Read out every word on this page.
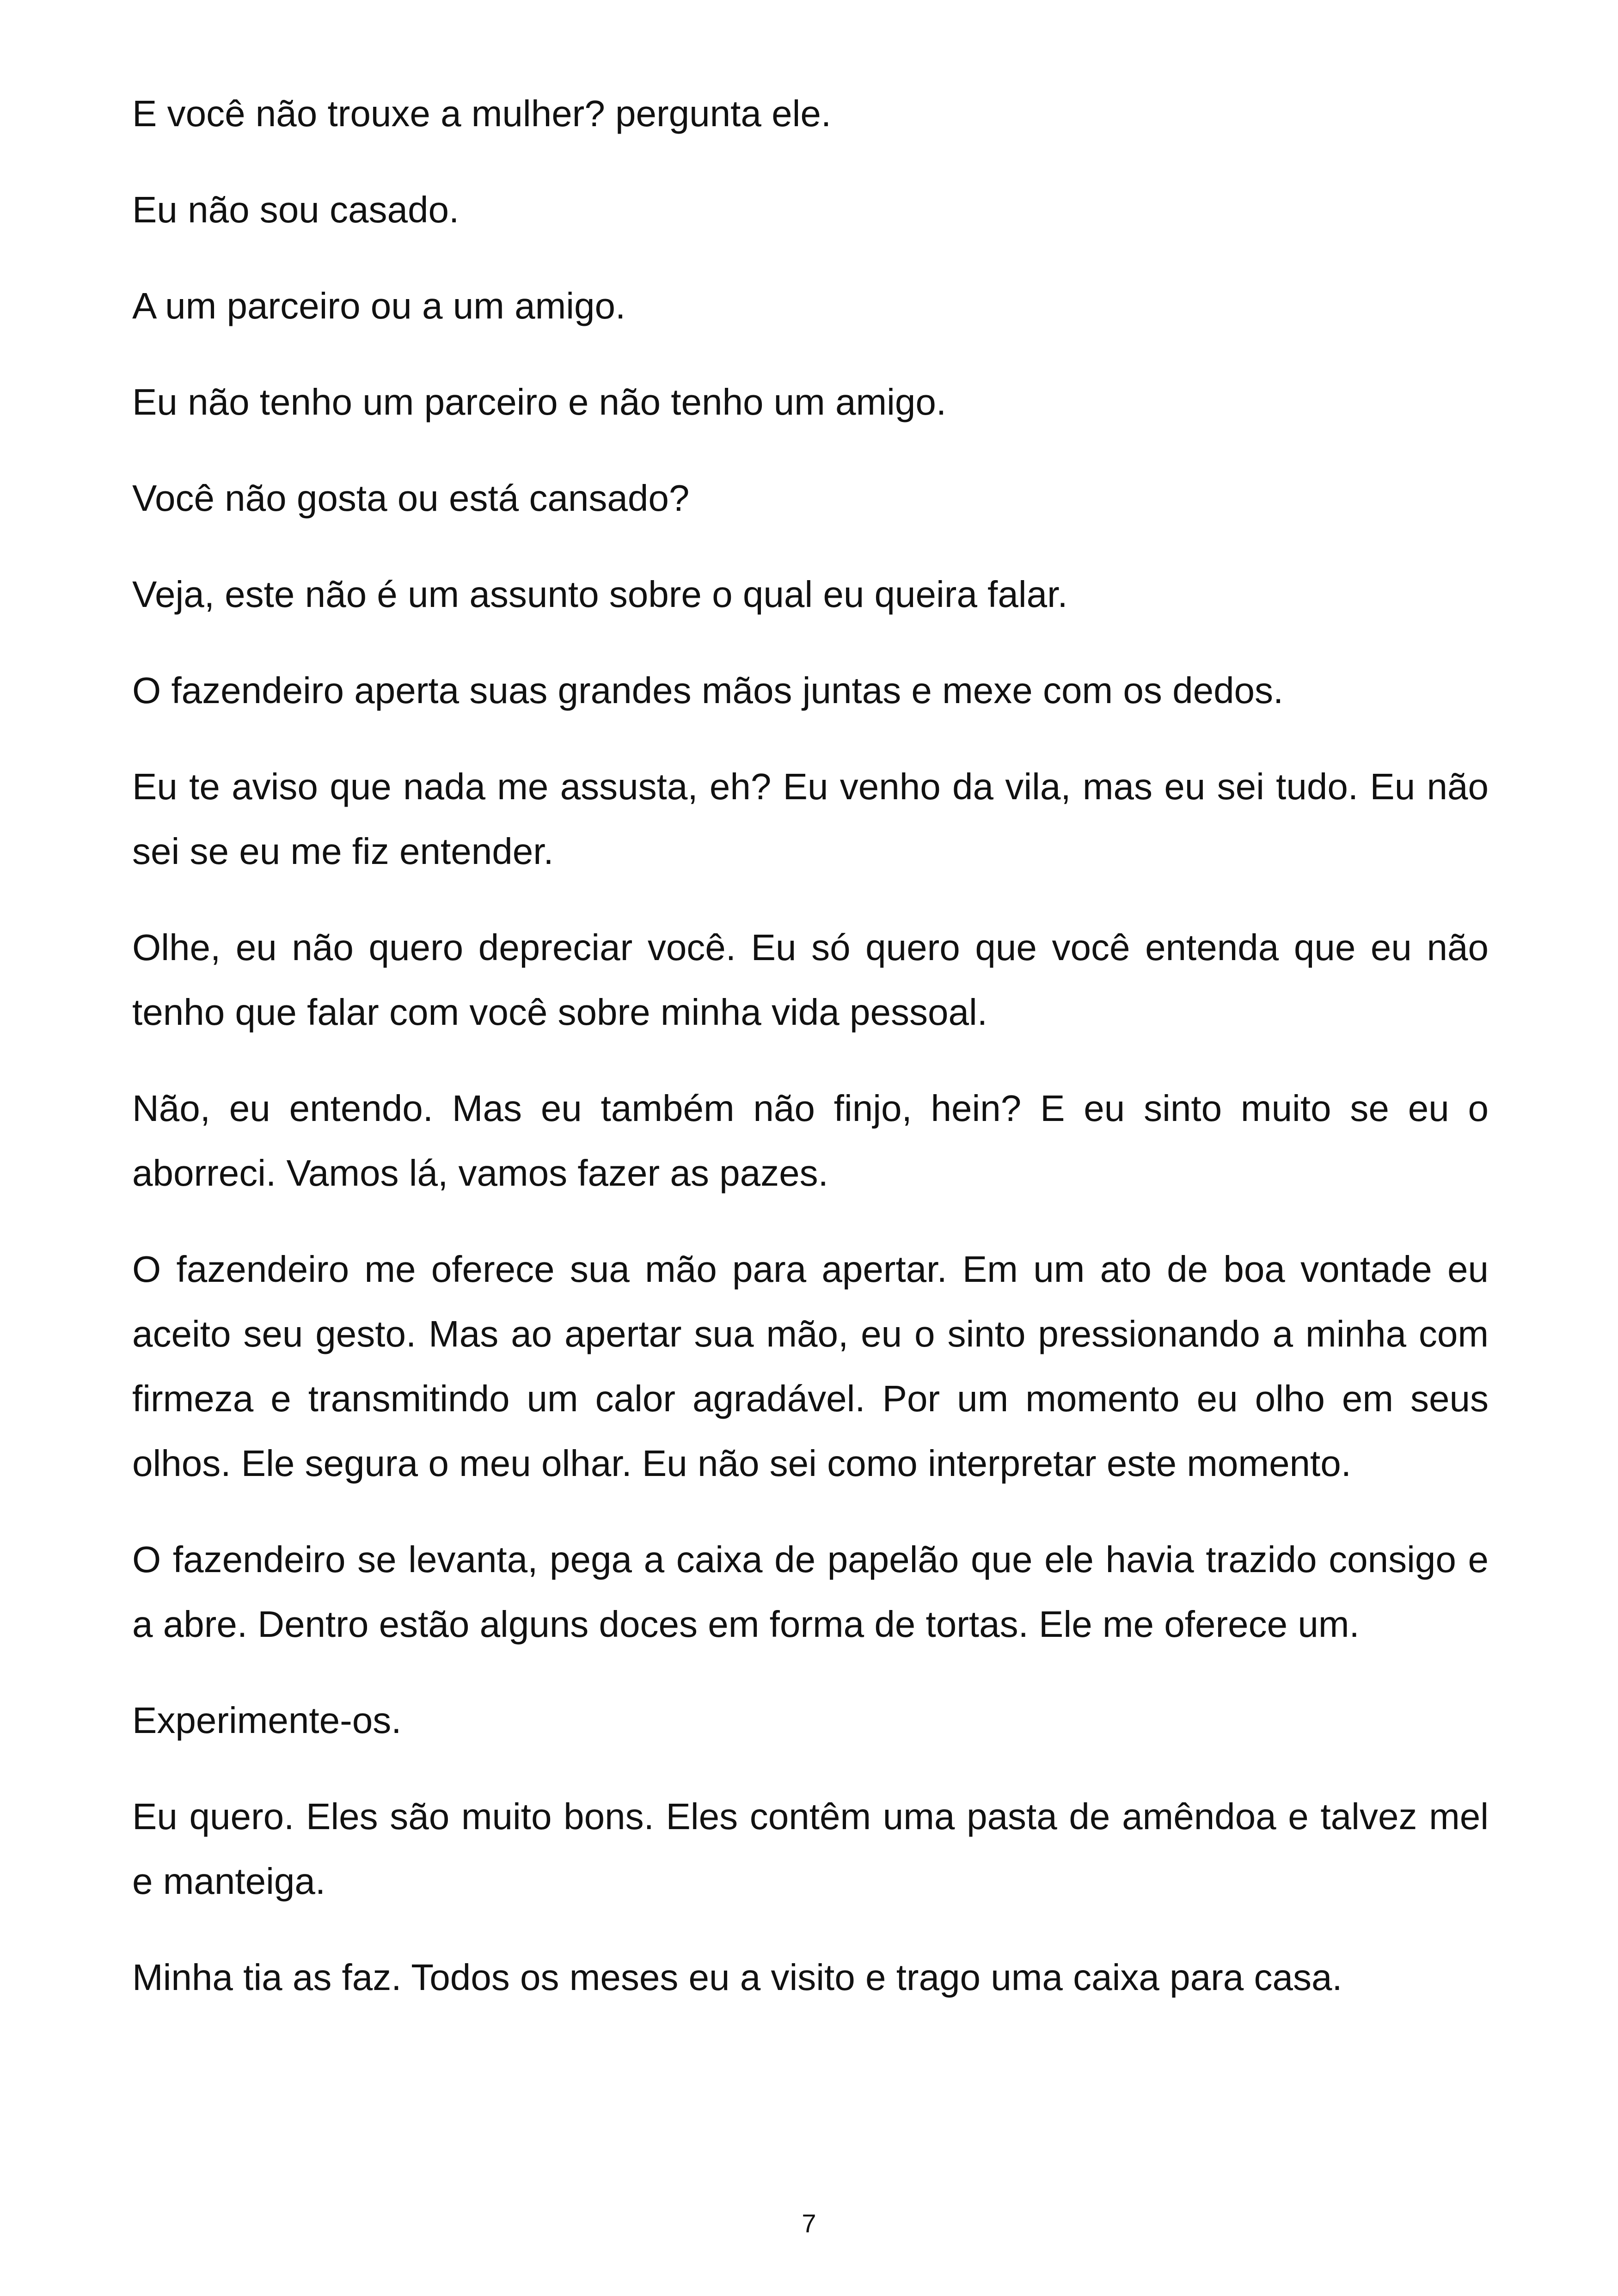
E você não trouxe a mulher? pergunta ele.

Eu não sou casado.

A um parceiro ou a um amigo.

Eu não tenho um parceiro e não tenho um amigo.

Você não gosta ou está cansado?

Veja, este não é um assunto sobre o qual eu queira falar.

O fazendeiro aperta suas grandes mãos juntas e mexe com os dedos.

Eu te aviso que nada me assusta, eh? Eu venho da vila, mas eu sei tudo. Eu não sei se eu me fiz entender.

Olhe, eu não quero depreciar você. Eu só quero que você entenda que eu não tenho que falar com você sobre minha vida pessoal.

Não, eu entendo. Mas eu também não finjo, hein? E eu sinto muito se eu o aborreci. Vamos lá, vamos fazer as pazes.

O fazendeiro me oferece sua mão para apertar. Em um ato de boa vontade eu aceito seu gesto. Mas ao apertar sua mão, eu o sinto pressionando a minha com firmeza e transmitindo um calor agradável. Por um momento eu olho em seus olhos. Ele segura o meu olhar. Eu não sei como interpretar este momento.

O fazendeiro se levanta, pega a caixa de papelão que ele havia trazido consigo e a abre. Dentro estão alguns doces em forma de tortas. Ele me oferece um.

Experimente-os.

Eu quero. Eles são muito bons. Eles contêm uma pasta de amêndoa e talvez mel e manteiga.

Minha tia as faz. Todos os meses eu a visito e trago uma caixa para casa.

7
